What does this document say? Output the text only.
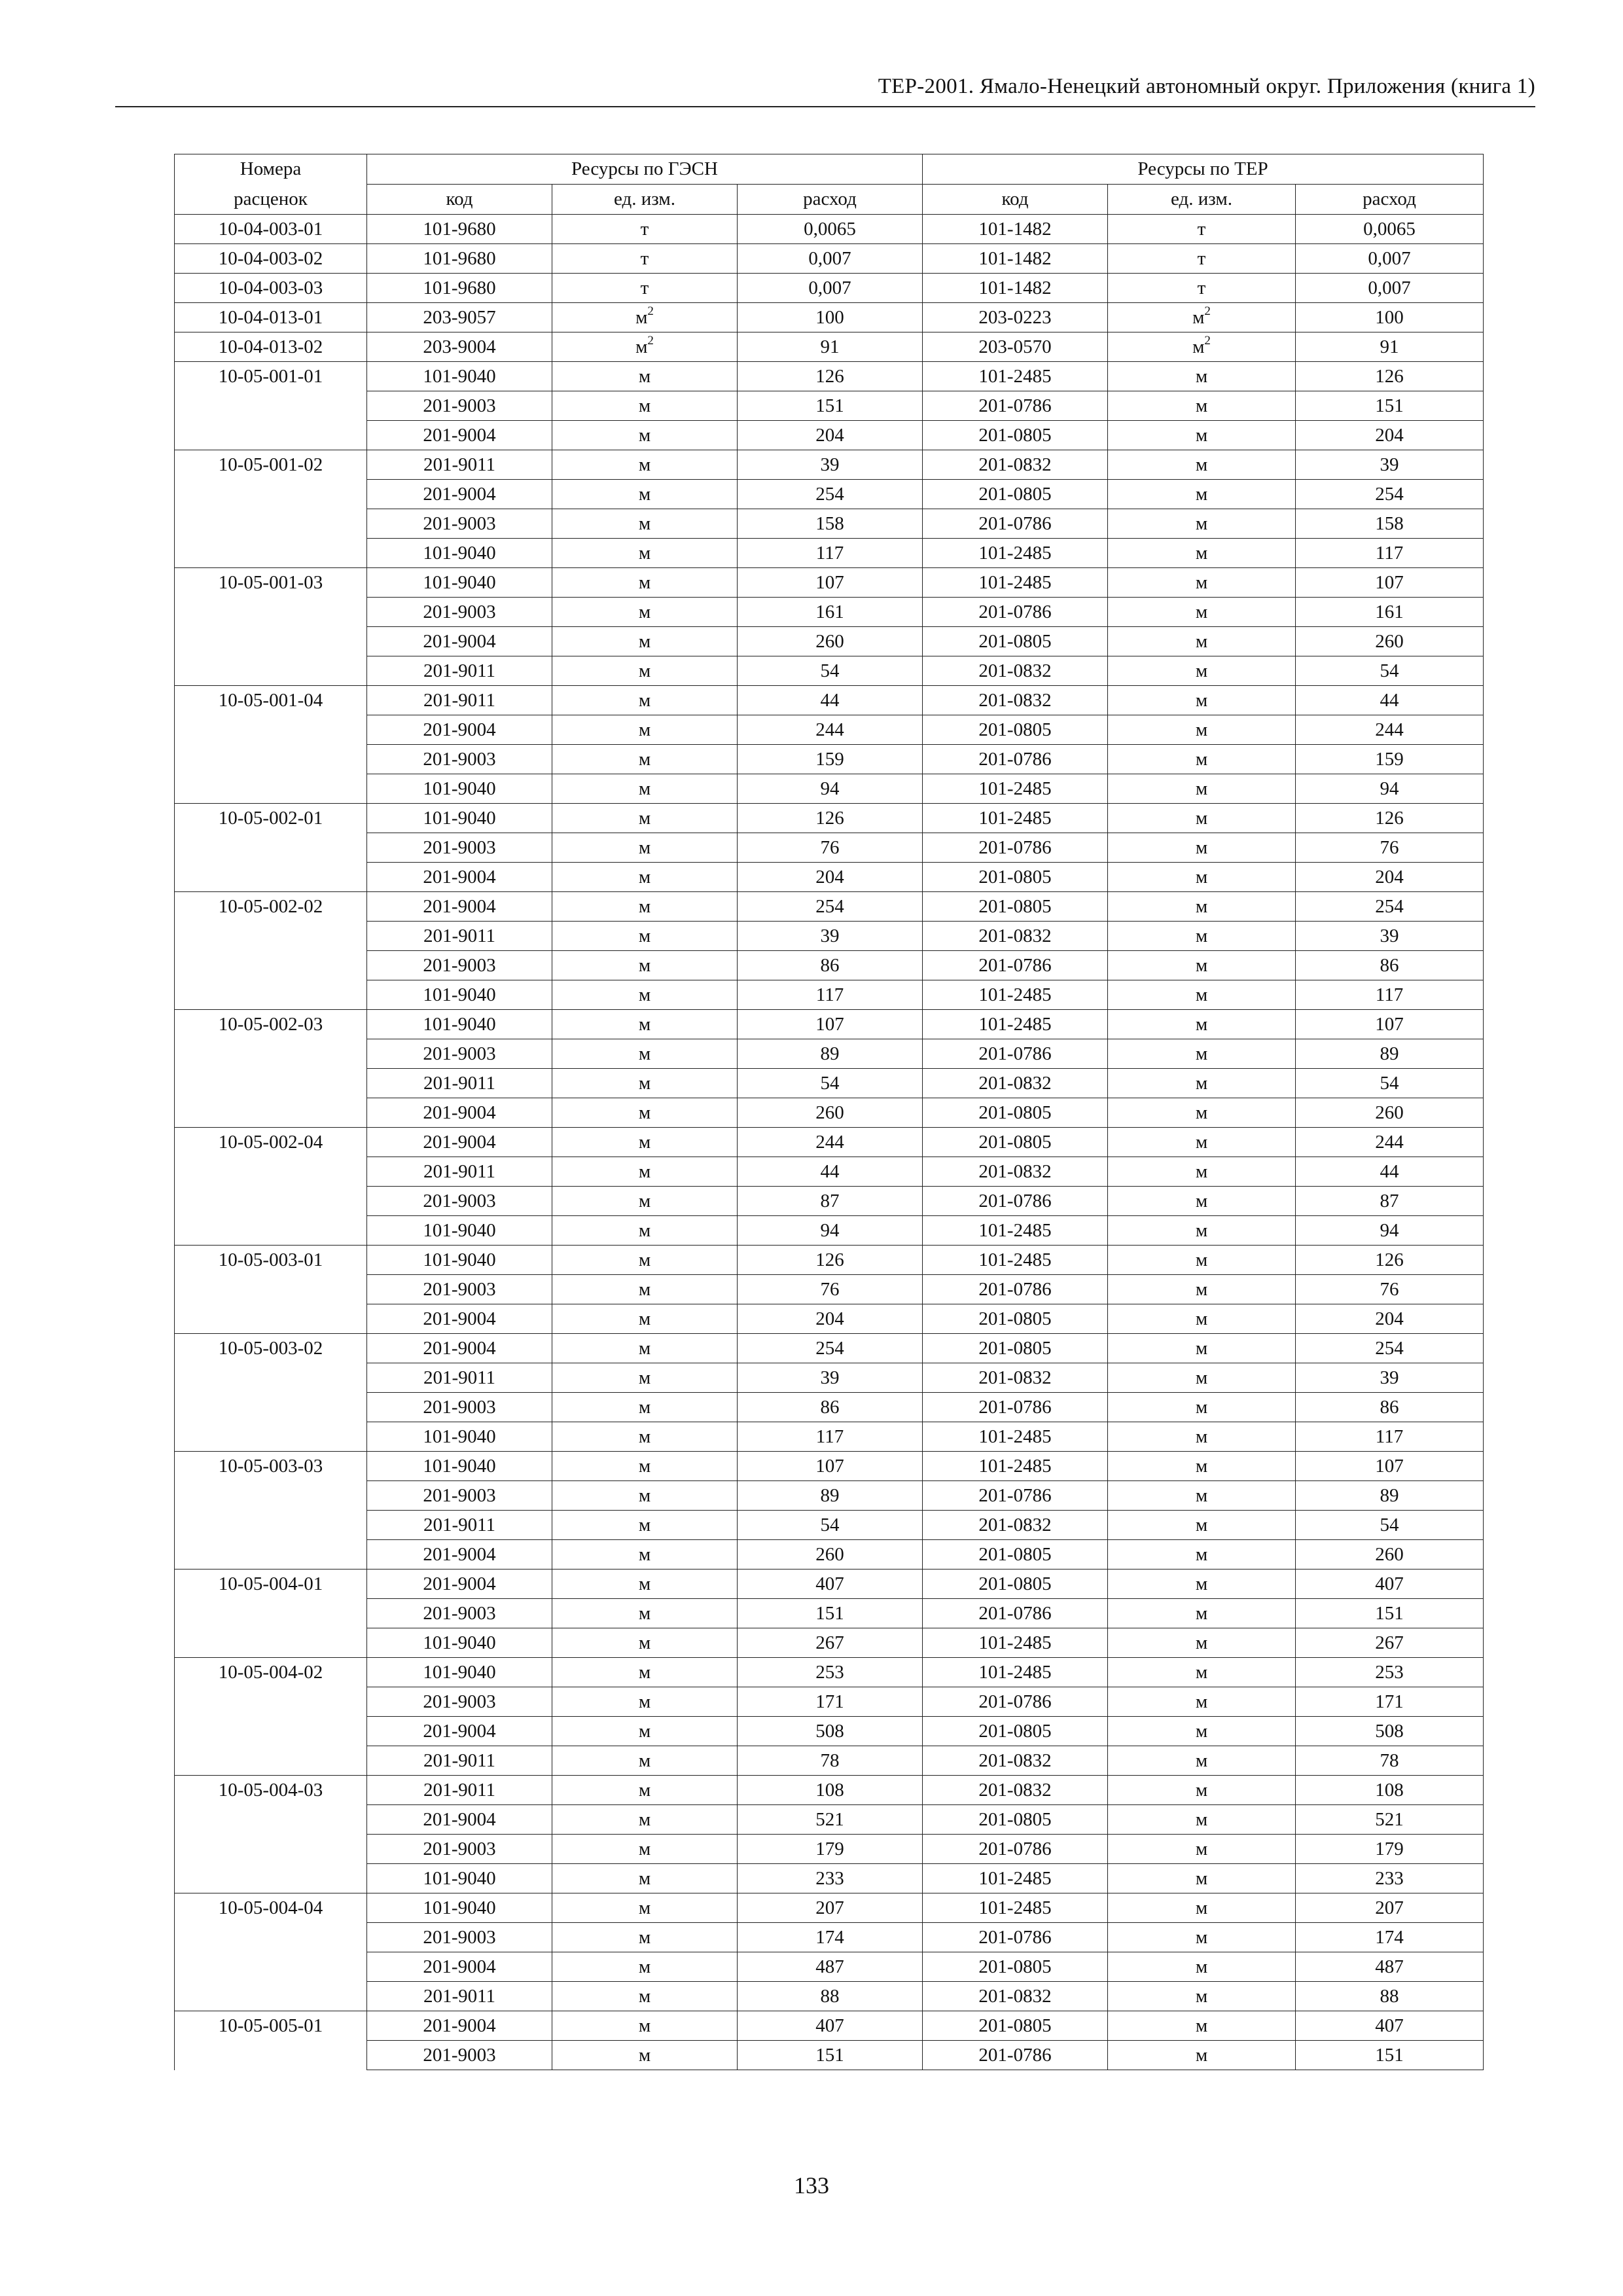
ТЕР-2001. Ямало-Ненецкий автономный округ. Приложения (книга 1)
Номера	Ресурсы по ГЭСН			Ресурсы по ТЕР		
расценок	код	ед. изм.	расход	код	ед. изм.	расход
10-04-003-01	101-9680	т	0,0065	101-1482	т	0,0065
10-04-003-02	101-9680	т	0,007	101-1482	т	0,007
10-04-003-03	101-9680	т	0,007	101-1482	т	0,007
10-04-013-01	203-9057	$м^2$	100	203-0223	$м^2$	100
10-04-013-02	203-9004	$м^2$	91	203-0570	$м^2$	91
10-05-001-01	101-9040	м	126	101-2485	м	126
	201-9003	м	151	201-0786	м	151
	201-9004	м	204	201-0805	м	204
10-05-001-02	201-9011	м	39	201-0832	м	39
	201-9004	м	254	201-0805	м	254
	201-9003	м	158	201-0786	м	158
	101-9040	м	117	101-2485	м	117
10-05-001-03	101-9040	м	107	101-2485	м	107
	201-9003	м	161	201-0786	м	161
	201-9004	м	260	201-0805	м	260
	201-9011	м	54	201-0832	м	54
10-05-001-04	201-9011	м	44	201-0832	м	44
	201-9004	м	244	201-0805	м	244
	201-9003	м	159	201-0786	м	159
	101-9040	м	94	101-2485	м	94
10-05-002-01	101-9040	м	126	101-2485	м	126
	201-9003	м	76	201-0786	м	76
	201-9004	м	204	201-0805	м	204
10-05-002-02	201-9004	м	254	201-0805	м	254
	201-9011	м	39	201-0832	м	39
	201-9003	м	86	201-0786	м	86
	101-9040	м	117	101-2485	м	117
10-05-002-03	101-9040	м	107	101-2485	м	107
	201-9003	м	89	201-0786	м	89
	201-9011	м	54	201-0832	м	54
	201-9004	м	260	201-0805	м	260
10-05-002-04	201-9004	м	244	201-0805	м	244
	201-9011	м	44	201-0832	м	44
	201-9003	м	87	201-0786	м	87
	101-9040	м	94	101-2485	м	94
10-05-003-01	101-9040	м	126	101-2485	м	126
	201-9003	м	76	201-0786	м	76
	201-9004	м	204	201-0805	м	204
10-05-003-02	201-9004	м	254	201-0805	м	254
	201-9011	м	39	201-0832	м	39
	201-9003	м	86	201-0786	м	86
	101-9040	м	117	101-2485	м	117
10-05-003-03	101-9040	м	107	101-2485	м	107
	201-9003	м	89	201-0786	м	89
	201-9011	м	54	201-0832	м	54
	201-9004	м	260	201-0805	м	260
10-05-004-01	201-9004	м	407	201-0805	м	407
	201-9003	м	151	201-0786	м	151
	101-9040	м	267	101-2485	м	267
10-05-004-02	101-9040	м	253	101-2485	м	253
	201-9003	м	171	201-0786	м	171
	201-9004	м	508	201-0805	м	508
	201-9011	м	78	201-0832	м	78
10-05-004-03	201-9011	м	108	201-0832	м	108
	201-9004	м	521	201-0805	м	521
	201-9003	м	179	201-0786	м	179
	101-9040	м	233	101-2485	м	233
10-05-004-04	101-9040	м	207	101-2485	м	207
	201-9003	м	174	201-0786	м	174
	201-9004	м	487	201-0805	м	487
	201-9011	м	88	201-0832	м	88
10-05-005-01	201-9004	м	407	201-0805	м	407
	201-9003	м	151	201-0786	м	151
133
